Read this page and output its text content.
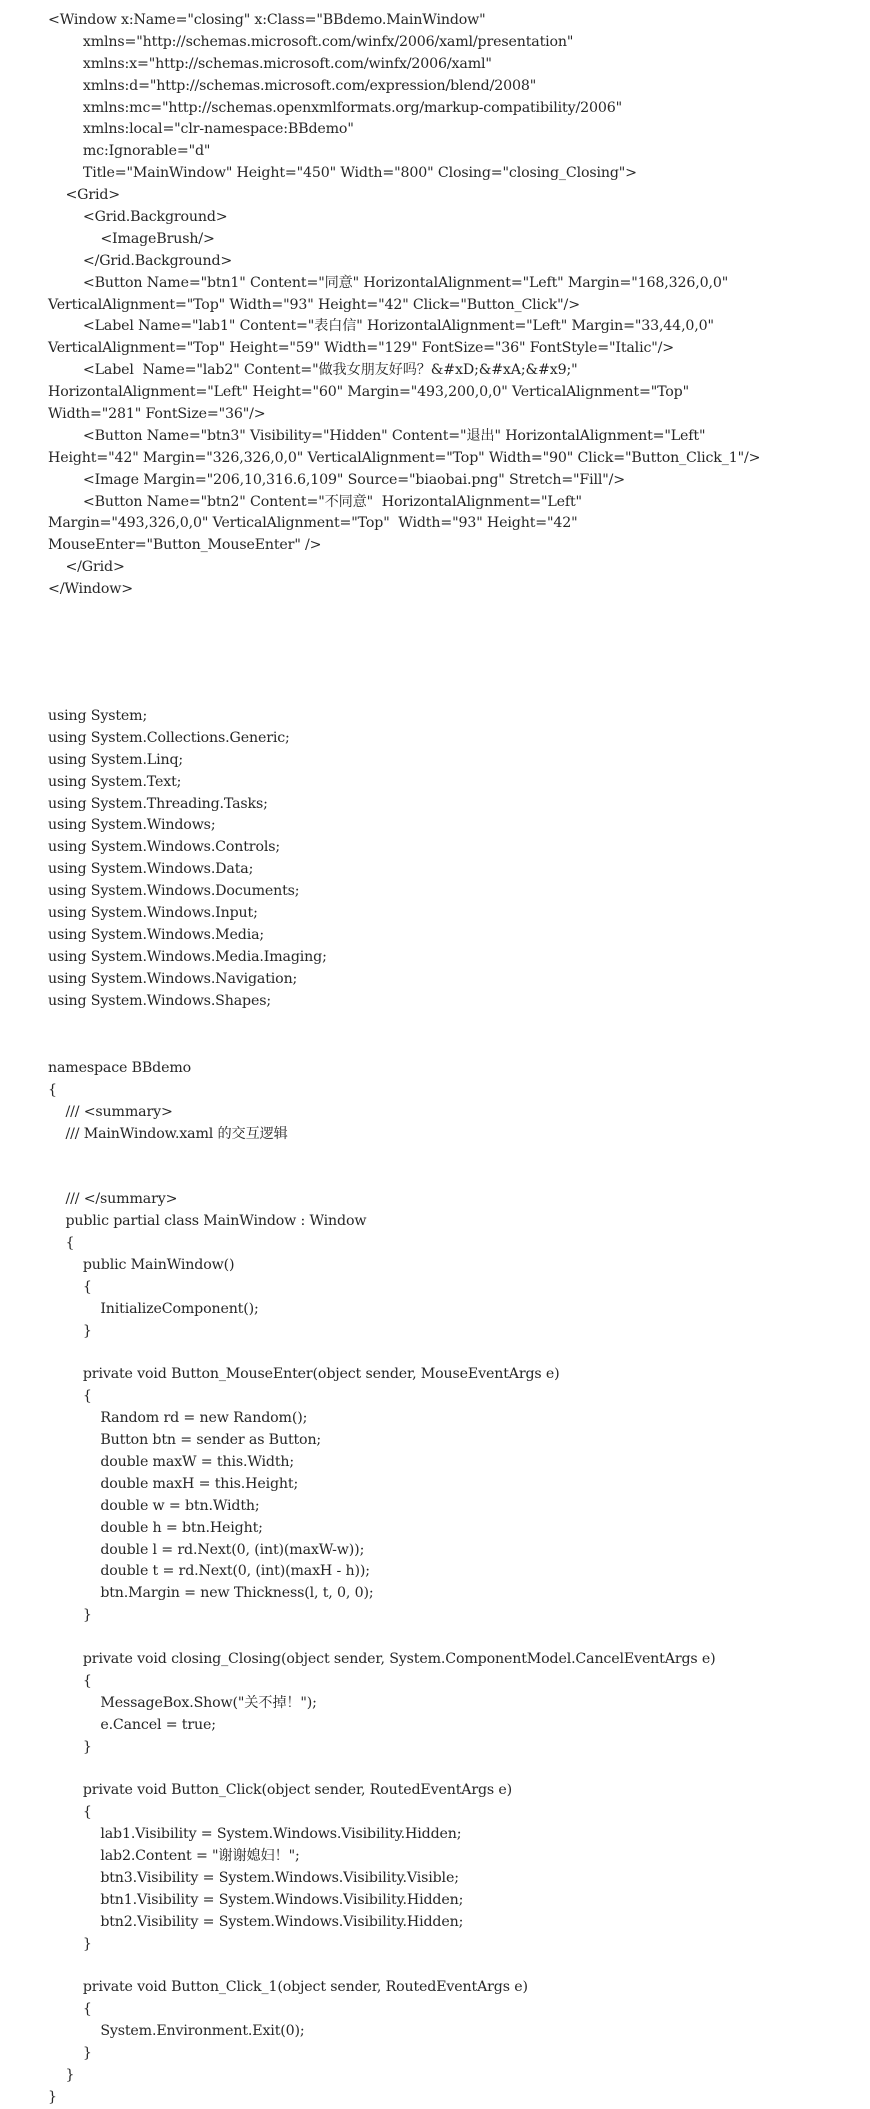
<Window x:Name="closing" x:Class="BBdemo.MainWindow"
xmlns="http://schemas.microsoft.com/winfx/2006/xaml/presentation"
xmlns:x="http://schemas.microsoft.com/winfx/2006/xaml"
xmlns:d="http://schemas.microsoft.com/expression/blend/2008"
xmlns:mc="http://schemas.openxmlformats.org/markup-compatibility/2006"
xmlns:local="clr-namespace:BBdemo"
mc:Ignorable="d"
Title="MainWindow" Height="450" Width="800" Closing="closing_Closing">
<Grid>
<Grid.Background>
<ImageBrush/>
</Grid.Background>
<Button Name="btn1" Content="同意" HorizontalAlignment="Left" Margin="168,326,0,0"
VerticalAlignment="Top" Width="93" Height="42" Click="Button_Click"/>
<Label Name="lab1" Content="表白信" HorizontalAlignment="Left" Margin="33,44,0,0"
VerticalAlignment="Top" Height="59" Width="129" FontSize="36" FontStyle="Italic"/>
<Label  Name="lab2" Content="做我女朋友好吗？&#xD;&#xA;&#x9;"
HorizontalAlignment="Left" Height="60" Margin="493,200,0,0" VerticalAlignment="Top"
Width="281" FontSize="36"/>
<Button Name="btn3" Visibility="Hidden" Content="退出" HorizontalAlignment="Left"
Height="42" Margin="326,326,0,0" VerticalAlignment="Top" Width="90" Click="Button_Click_1"/>
<Image Margin="206,10,316.6,109" Source="biaobai.png" Stretch="Fill"/>
<Button Name="btn2" Content="不同意"  HorizontalAlignment="Left"
Margin="493,326,0,0" VerticalAlignment="Top"  Width="93" Height="42"
MouseEnter="Button_MouseEnter" />
</Grid>
</Window>
using System;
using System.Collections.Generic;
using System.Linq;
using System.Text;
using System.Threading.Tasks;
using System.Windows;
using System.Windows.Controls;
using System.Windows.Data;
using System.Windows.Documents;
using System.Windows.Input;
using System.Windows.Media;
using System.Windows.Media.Imaging;
using System.Windows.Navigation;
using System.Windows.Shapes;
namespace BBdemo
{
/// <summary>
/// MainWindow.xaml 的交互逻辑
/// </summary>
public partial class MainWindow : Window
{
public MainWindow()
{
InitializeComponent();
}
private void Button_MouseEnter(object sender, MouseEventArgs e)
{
Random rd = new Random();
Button btn = sender as Button;
double maxW = this.Width;
double maxH = this.Height;
double w = btn.Width;
double h = btn.Height;
double l = rd.Next(0, (int)(maxW-w));
double t = rd.Next(0, (int)(maxH - h));
btn.Margin = new Thickness(l, t, 0, 0);
}
private void closing_Closing(object sender, System.ComponentModel.CancelEventArgs e)
{
MessageBox.Show("关不掉！");
e.Cancel = true;
}
private void Button_Click(object sender, RoutedEventArgs e)
{
lab1.Visibility = System.Windows.Visibility.Hidden;
lab2.Content = "谢谢媳妇！";
btn3.Visibility = System.Windows.Visibility.Visible;
btn1.Visibility = System.Windows.Visibility.Hidden;
btn2.Visibility = System.Windows.Visibility.Hidden;
}
private void Button_Click_1(object sender, RoutedEventArgs e)
{
System.Environment.Exit(0);
}
}
}
